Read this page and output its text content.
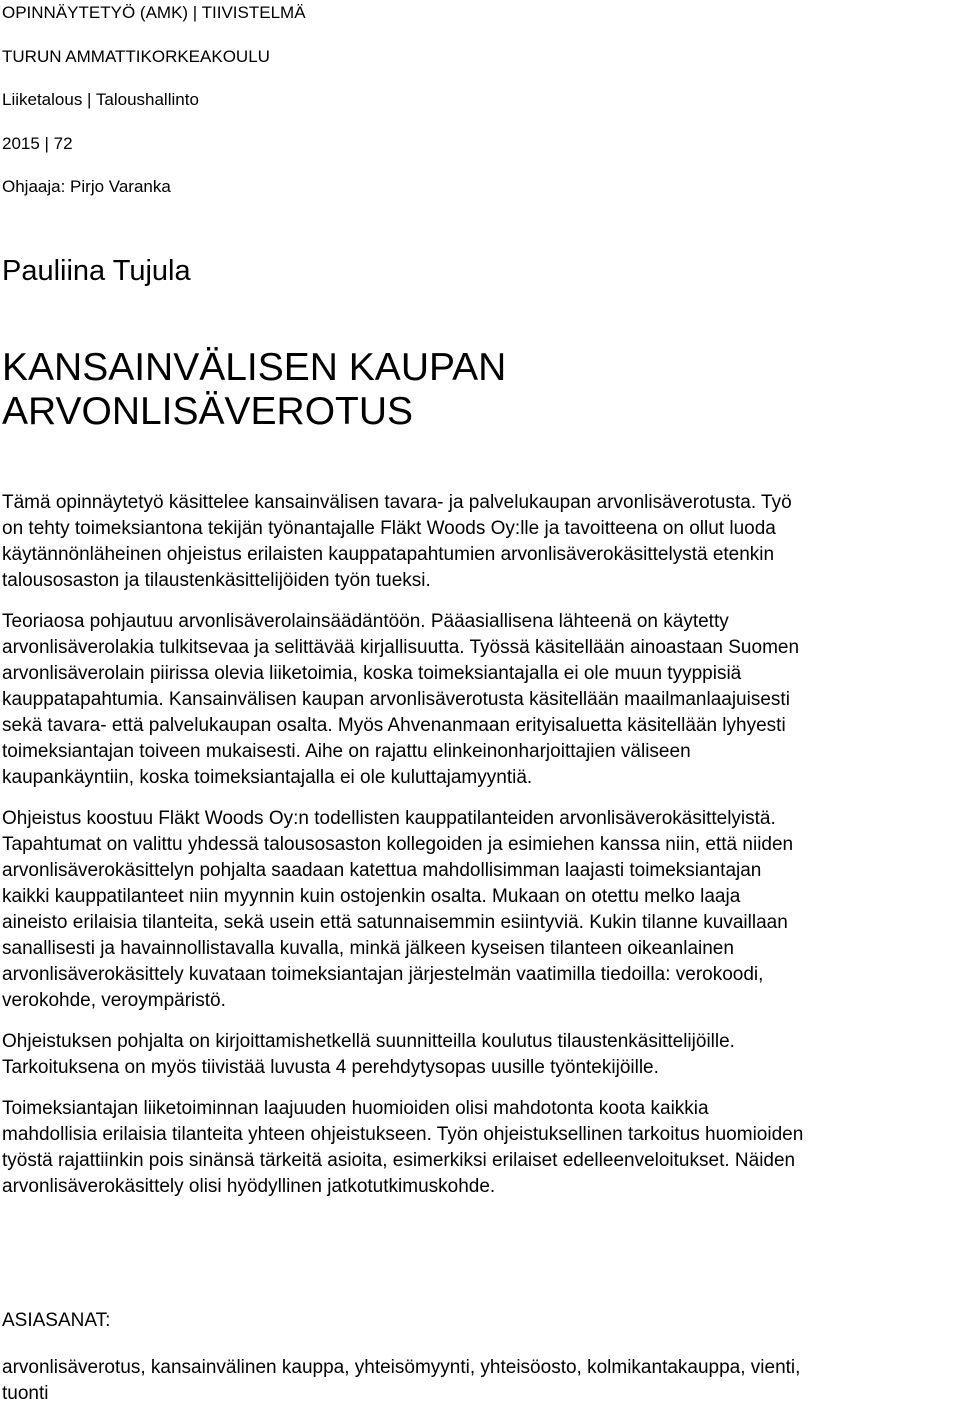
OPINNÄYTETYÖ (AMK) | TIIVISTELMÄ
TURUN AMMATTIKORKEAKOULU
Liiketalous | Taloushallinto
2015 | 72
Ohjaaja: Pirjo Varanka
Pauliina Tujula
KANSAINVÄLISEN KAUPAN
ARVONLISÄVEROTUS

Tämä opinnäytetyö käsittelee kansainvälisen tavara- ja palvelukaupan arvonlisäverotusta. Työ
on tehty toimeksiantona tekijän työnantajalle Fläkt Woods Oy:lle ja tavoitteena on ollut luoda
käytännönläheinen ohjeistus erilaisten kauppatapahtumien arvonlisäverokäsittelystä etenkin
talousosaston ja tilaustenkäsittelijöiden työn tueksi.

Teoriaosa pohjautuu arvonlisäverolainsäädäntöön. Pääasiallisena lähteenä on käytetty
arvonlisäverolakia tulkitsevaa ja selittävää kirjallisuutta. Työssä käsitellään ainoastaan Suomen
arvonlisäverolain piirissa olevia liiketoimia, koska toimeksiantajalla ei ole muun tyyppisiä
kauppatapahtumia. Kansainvälisen kaupan arvonlisäverotusta käsitellään maailmanlaajuisesti
sekä tavara- että palvelukaupan osalta. Myös Ahvenanmaan erityisaluetta käsitellään lyhyesti
toimeksiantajan toiveen mukaisesti. Aihe on rajattu elinkeinonharjoittajien väliseen
kaupankäyntiin, koska toimeksiantajalla ei ole kuluttajamyyntiä.

Ohjeistus koostuu Fläkt Woods Oy:n todellisten kauppatilanteiden arvonlisäverokäsittelyistä.
Tapahtumat on valittu yhdessä talousosaston kollegoiden ja esimiehen kanssa niin, että niiden
arvonlisäverokäsittelyn pohjalta saadaan katettua mahdollisimman laajasti toimeksiantajan
kaikki kauppatilanteet niin myynnin kuin ostojenkin osalta. Mukaan on otettu melko laaja
aineisto erilaisia tilanteita, sekä usein että satunnaisemmin esiintyviä. Kukin tilanne kuvaillaan
sanallisesti ja havainnollistavalla kuvalla, minkä jälkeen kyseisen tilanteen oikeanlainen
arvonlisäverokäsittely kuvataan toimeksiantajan järjestelmän vaatimilla tiedoilla: verokoodi,
verokohde, veroympäristö.

Ohjeistuksen pohjalta on kirjoittamishetkellä suunnitteilla koulutus tilaustenkäsittelijöille.
Tarkoituksena on myös tiivistää luvusta 4 perehdytysopas uusille työntekijöille.

Toimeksiantajan liiketoiminnan laajuuden huomioiden olisi mahdotonta koota kaikkia
mahdollisia erilaisia tilanteita yhteen ohjeistukseen. Työn ohjeistuksellinen tarkoitus huomioiden
työstä rajattiinkin pois sinänsä tärkeitä asioita, esimerkiksi erilaiset edelleenveloitukset. Näiden
arvonlisäverokäsittely olisi hyödyllinen jatkotutkimuskohde.

ASIASANAT:
arvonlisäverotus, kansainvälinen kauppa, yhteisömyynti, yhteisöosto, kolmikantakauppa, vienti,
tuonti
